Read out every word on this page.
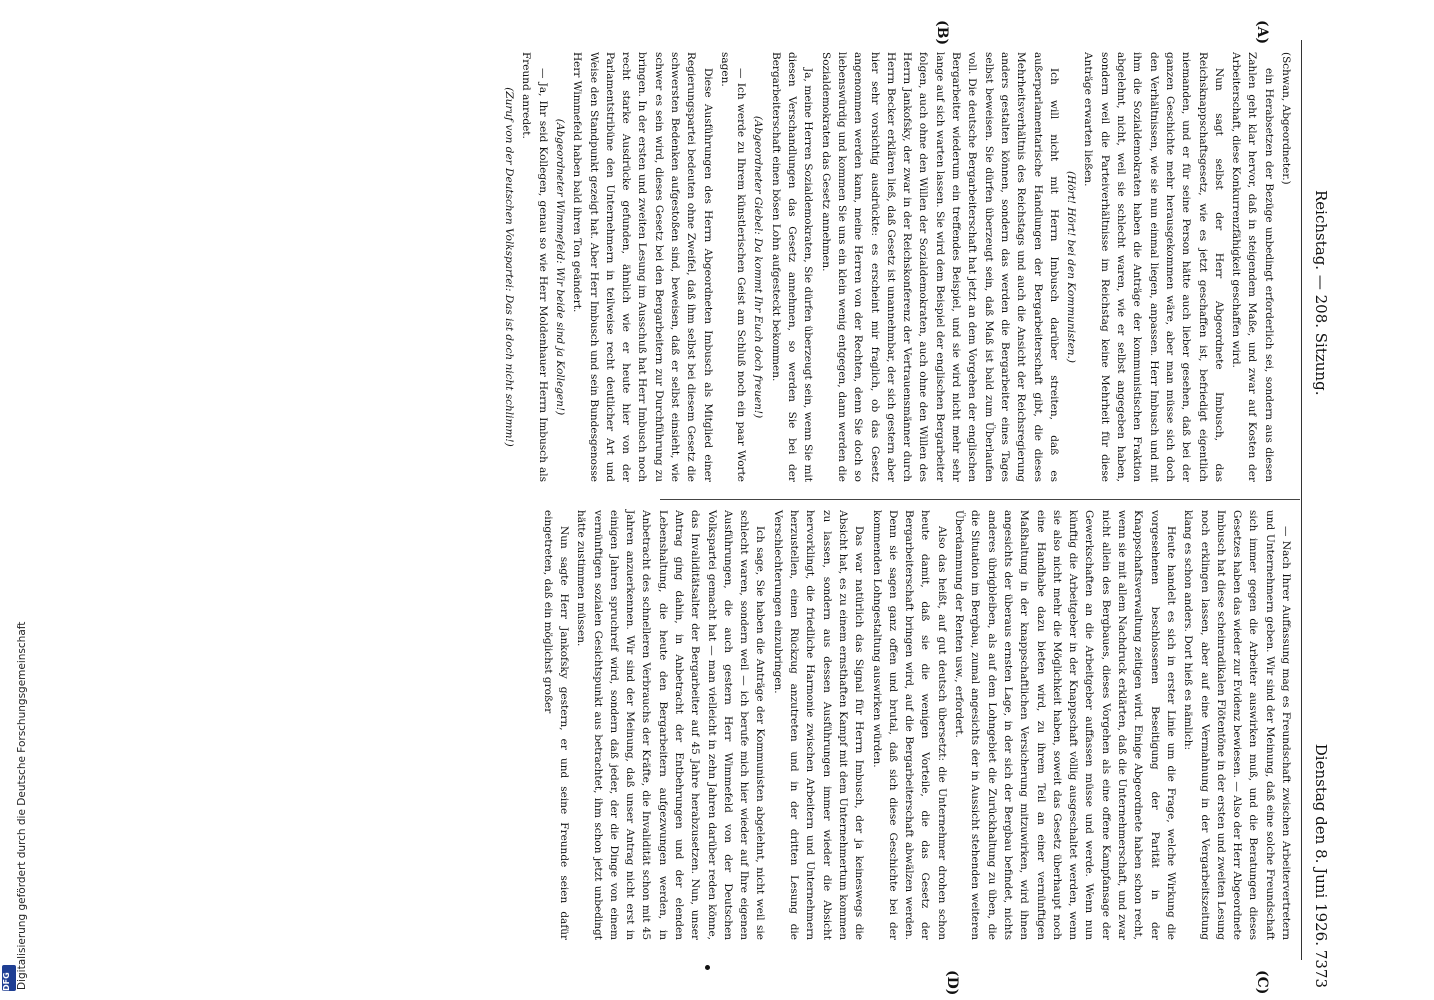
Reichstag. — 208. Sitzung.
Dienstag den 8. Juni 1926.
7373
(A)
(B)
(C)
(D)

(Schwan, Abgeordneter.)

ein Herabsetzen der Bezüge unbedingt erforderlich sei, sondern aus diesen Zahlen geht klar hervor, daß in steigendem Maße, und zwar auf Kosten der Arbeiterschaft, diese Konkurrenzfähigkeit geschaffen wird.

Nun sagt selbst der Herr Abgeordnete Imbusch, das Reichsknappschaftsgesetz, wie es jetzt geschaffen ist, befriedigt eigentlich niemanden, und er für seine Person hätte auch lieber gesehen, daß bei der ganzen Geschichte mehr herausgekommen wäre, aber man müsse sich doch den Verhältnissen, wie sie nun einmal liegen, anpassen. Herr Imbusch und mit ihm die Sozialdemokraten haben die Anträge der kommunistischen Fraktion abgelehnt, nicht, weil sie schlecht waren, wie er selbst angegeben haben, sondern weil die Parteiverhältnisse im Reichstag keine Mehrheit für diese Anträge erwarten ließen.

(Hört! Hört! bei den Kommunisten.)

Ich will nicht mit Herrn Imbusch darüber streiten, daß es außerparlamentarische Handlungen der Bergarbeiterschaft gibt, die dieses Mehrheitsverhältnis des Reichstags und auch die Ansicht der Reichsregierung anders gestalten können, sondern das werden die Bergarbeiter eines Tages selbst beweisen. Sie dürfen überzeugt sein, daß Maß ist bald zum Überlaufen voll. Die deutsche Bergarbeiterschaft hat jetzt an dem Vorgehen der englischen Bergarbeiter wiederum ein treffendes Beispiel, und sie wird nicht mehr sehr lange auf sich warten lassen. Sie wird dem Beispiel der englischen Bergarbeiter folgen, auch ohne den Willen der Sozialdemokraten, auch ohne den Willen des Herrn Jankofsky, der zwar in der Reichskonferenz der Vertrauensmänner durch Herrn Becker erklären ließ, daß Gesetz ist unannehmbar, der sich gestern aber hier sehr vorsichtig ausdrückte: es erscheint mir fraglich, ob das Gesetz angenommen werden kann, meine Herren von der Rechten, denn Sie doch so liebenswürdig und kommen Sie uns ein klein wenig entgegen, dann werden die Sozialdemokraten das Gesetz annehmen.

Ja, meine Herren Sozialdemokraten, Sie dürfen überzeugt sein, wenn Sie mit diesen Verschandlungen das Gesetz annehmen, so werden Sie bei der Bergarbeiterschaft einen bösen Lohn aufgesteckt bekommen.

(Abgeordneter Giebel: Da kommt Ihr Euch doch freuen!)

— Ich werde zu Ihrem künstlerischen Geist am Schluß noch ein paar Worte sagen.

Diese Ausführungen des Herrn Abgeordneten Imbusch als Mitglied einer Regierungspartei bedeuten ohne Zweifel, daß ihm selbst bei diesem Gesetz die schwersten Bedenken aufgestoßen sind, beweisen, daß er selbst einsieht, wie schwer es sein wird, dieses Gesetz bei den Bergarbeitern zur Durchführung zu bringen. In der ersten und zweiten Lesung im Ausschuß hat Herr Imbusch noch recht starke Ausdrücke gefunden, ähnlich wie er heute hier von der Parlamentstribüne den Unternehmern in teilweise recht deutlicher Art und Weise den Standpunkt gezeigt hat. Aber Herr Imbusch und sein Bundesgenosse Herr Wimmefeld haben bald ihren Ton geändert.

(Abgeordneter Wimmefeld: Wir beide sind ja Kollegen!)

— Ja, Ihr seid Kollegen, genau so wie Herr Moldenhauer Herrn Imbusch als Freund anredet.

(Zuruf von der Deutschen Volkspartei: Das ist doch nicht schlimm!)

— Nach Ihrer Auffassung mag es Freundschaft zwischen Arbeitervertretern und Unternehmern geben. Wir sind der Meinung, daß eine solche Freundschaft sich immer gegen die Arbeiter auswirken muß, und die Beratungen dieses Gesetzes haben das wieder zur Evidenz bewiesen. — Also der Herr Abgeordnete Imbusch hat diese scheinradikalen Flötentöne in der ersten und zweiten Lesung noch erklingen lassen, aber auf eine Vermahnung in der Vergarbeitszeitung klang es schon anders. Dort hieß es nämlich:

Heute handelt es sich in erster Linie um die Frage, welche Wirkung die vorgesehenen beschlossenen Beseitigung der Parität in der Knappschaftsverwaltung zeitigen wird. Einige Abgeordnete haben schon recht, wenn sie mit allem Nachdruck erklärten, daß die Unternehmerschaft, und zwar nicht allein des Bergbaues, dieses Vorgehen als eine offene Kampfansage der Gewerkschaften an die Arbeitgeber auffassen müsse und werde. Wenn nun künftig die Arbeitgeber in der Knappschaft völlig ausgeschaltet werden, wenn sie also nicht mehr die Möglichkeit haben, soweit das Gesetz überhaupt noch eine Handhabe dazu bieten wird, zu ihrem Teil an einer vernünftigen Maßhaltung in der knappschaftlichen Versicherung mitzuwirken, wird ihnen angesichts der überaus ernsten Lage, in der sich der Bergbau befindet, nichts anderes übrigbleiben, als auf dem Lohngebiet die Zurückhaltung zu üben, die die Situation im Bergbau, zumal angesichts der in Aussicht stehenden weiteren Überdammung der Renten usw., erfordert.

Also das heißt, auf gut deutsch übersetzt: die Unternehmer drohen schon heute damit, daß sie die wenigen Vorteile, die das Gesetz der Bergarbeiterschaft bringen wird, auf die Bergarbeiterschaft abwälzen werden. Denn sie sagen ganz offen und brutal, daß sich diese Geschichte bei der kommenden Lohngestaltung auswirken würden.

Das war natürlich das Signal für Herrn Imbusch, der ja keineswegs die Absicht hat, es zu einem ernsthaften Kampf mit dem Unternehmertum kommen zu lassen, sondern aus dessen Ausführungen immer wieder die Absicht hervorklingt, die friedliche Harmonie zwischen Arbeitern und Unternehmern herzustellen, einen Rückzug anzutreten und in der dritten Lesung die Verschlechterungen einzubringen.

Ich sage, Sie haben die Anträge der Kommunisten abgelehnt, nicht weil sie schlecht waren, sondern weil — ich berufe mich hier wieder auf Ihre eigenen Ausführungen, die auch gestern Herr Wimmefeld von der Deutschen Volkspartei gemacht hat — man vielleicht in zehn Jahren darüber reden könne, das Invaliditätsalter der Bergarbeiter auf 45 Jahre herabzusetzen. Nun, unser Antrag ging dahin, in Anbetracht der Entbehrungen und der elenden Lebenshaltung, die heute den Bergarbeitern aufgezwungen werden, in Anbetracht des schnelleren Verbrauchs der Kräfte, die Invalidität schon mit 45 Jahren anzuerkennen. Wir sind der Meinung, daß unser Antrag nicht erst in einigen Jahren spruchreif wird, sondern daß jeder, der die Dinge von einem vernünftigen sozialen Gesichtspunkt aus betrachtet, ihm schon jetzt unbedingt hätte zustimmen müssen.

Nun sagte Herr Jankofsky gestern, er und seine Freunde seien dafür eingetreten, daß ein möglichst großer

Digitalisierung gefördert durch die Deutsche Forschungsgemeinschaft
DFG
